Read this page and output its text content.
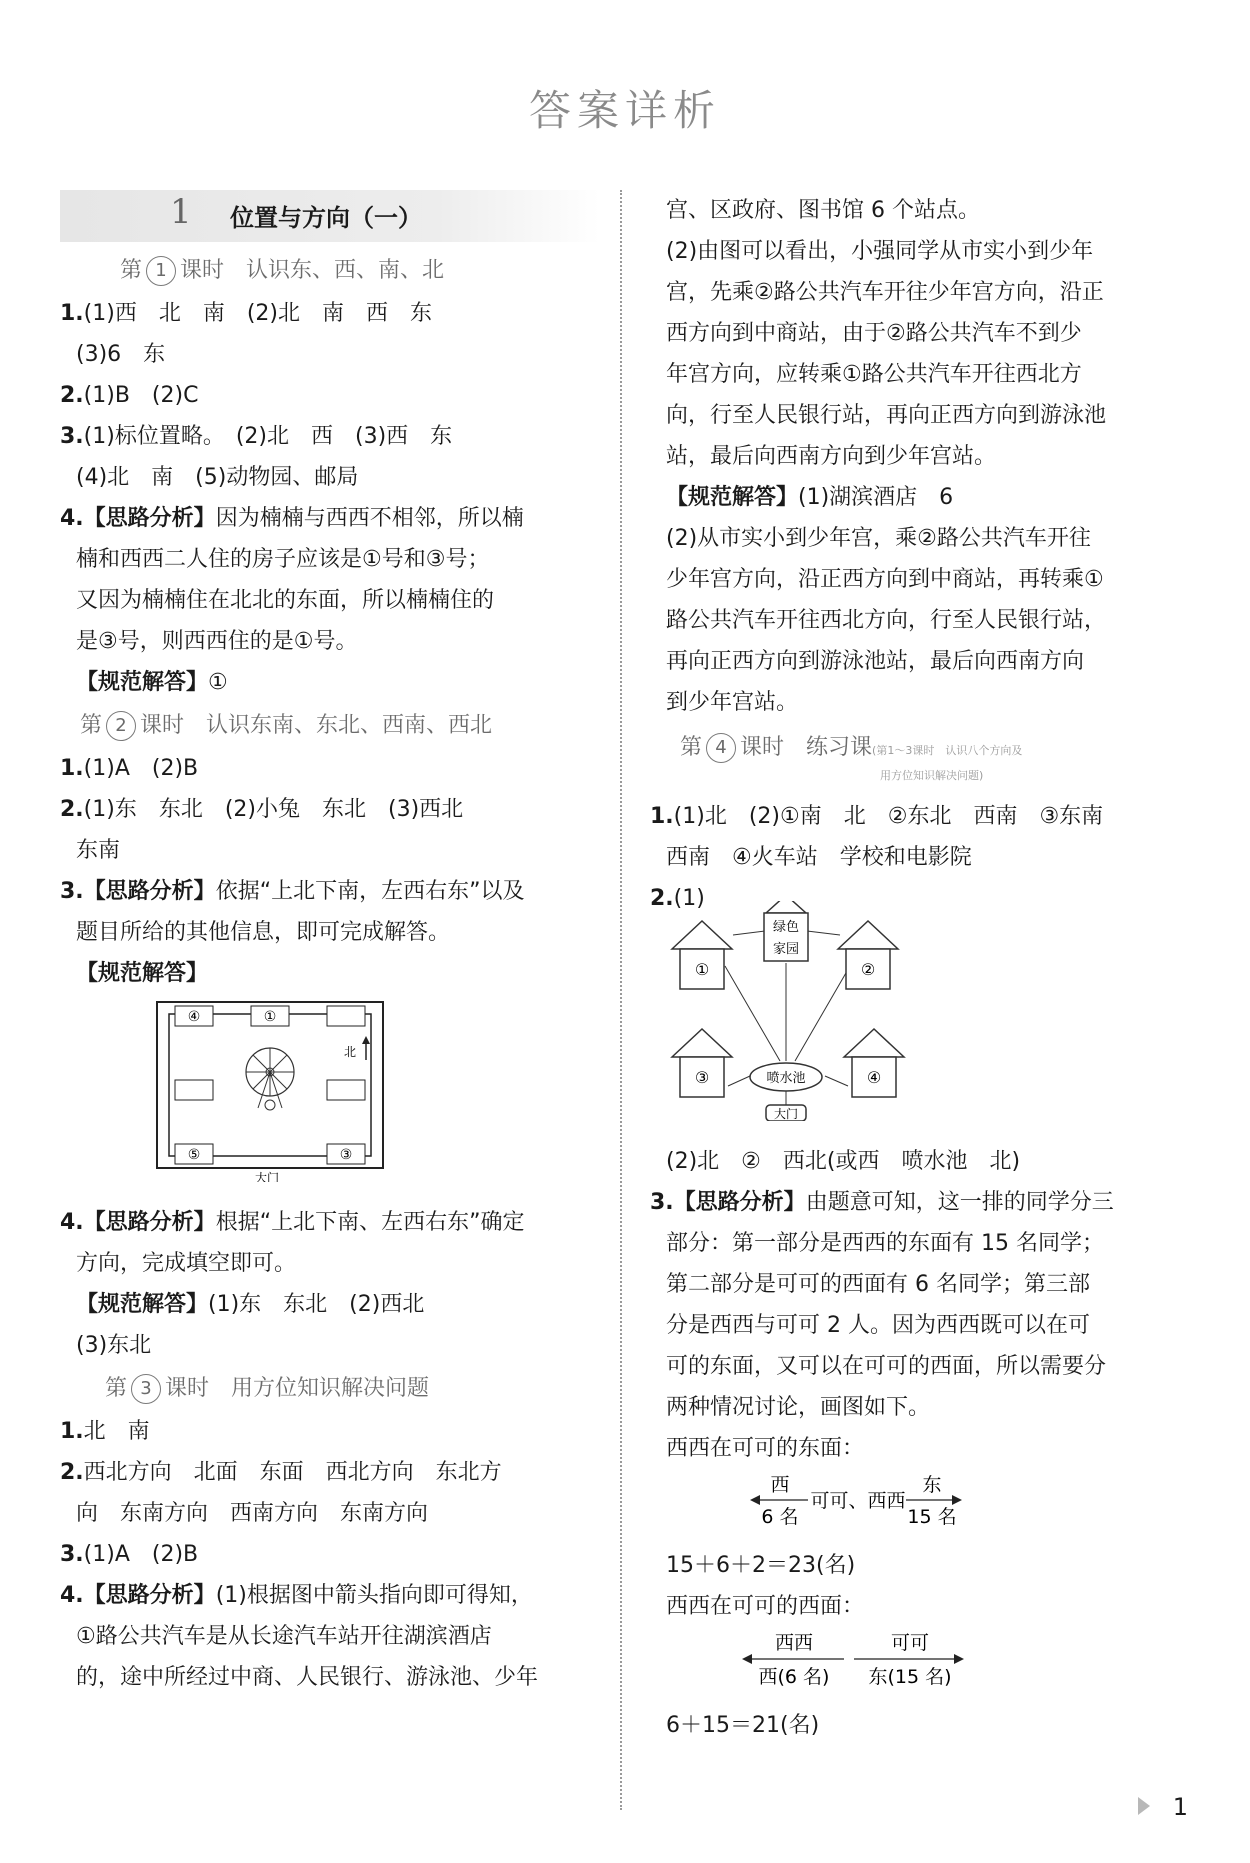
答案详析
1 位置与方向（一）

第 1 课时　认识东、西、南、北

1.(1)西　北　南　(2)北　南　西　东

(3)6　东

2.(1)B　(2)C

3.(1)标位置略。　(2)北　西　(3)西　东

(4)北　南　(5)动物园、邮局

4.【思路分析】因为楠楠与西西不相邻，所以楠

楠和西西二人住的房子应该是①号和③号；

又因为楠楠住在北北的东面，所以楠楠住的

是③号，则西西住的是①号。

【规范解答】①

第 2 课时　认识东南、东北、西南、西北

1.(1)A　(2)B

2.(1)东　东北　(2)小兔　东北　(3)西北

东南

3.【思路分析】依据“上北下南，左西右东”以及

题目所给的其他信息，即可完成解答。

【规范解答】

④	①
⑤	③
北
大门

4.【思路分析】根据“上北下南、左西右东”确定

方向，完成填空即可。

【规范解答】(1)东　东北　(2)西北

(3)东北

第 3 课时　用方位知识解决问题

1.北　南

2.西北方向　北面　东面　西北方向　东北方

向　东南方向　西南方向　东南方向

3.(1)A　(2)B

4.【思路分析】(1)根据图中箭头指向即可得知，

①路公共汽车是从长途汽车站开往湖滨酒店

的，途中所经过中商、人民银行、游泳池、少年

宫、区政府、图书馆 6 个站点。

(2)由图可以看出，小强同学从市实小到少年

宫，先乘②路公共汽车开往少年宫方向，沿正

西方向到中商站，由于②路公共汽车不到少

年宫方向，应转乘①路公共汽车开往西北方

向，行至人民银行站，再向正西方向到游泳池

站，最后向西南方向到少年宫站。

【规范解答】(1)湖滨酒店　6

(2)从市实小到少年宫，乘②路公共汽车开往

少年宫方向，沿正西方向到中商站，再转乘①

路公共汽车开往西北方向，行至人民银行站，

再向正西方向到游泳池站，最后向西南方向

到少年宫站。

第 4 课时　练习课(第1～3课时　认识八个方向及

用方位知识解决问题)

1.(1)北　(2)①南　北　②东北　西南　③东南

西南　④火车站　学校和电影院

2.(1)

绿色
家园
①	②
③	④
喷水池
大门

(2)北　②　西北(或西　喷水池　北)

3.【思路分析】由题意可知，这一排的同学分三

部分：第一部分是西西的东面有 15 名同学；

第二部分是可可的西面有 6 名同学；第三部

分是西西与可可 2 人。因为西西既可以在可

可的东面，又可以在可可的西面，所以需要分

两种情况讨论，画图如下。

西西在可可的东面：

西
6 名
可可、西西
东
15 名

15＋6＋2＝23(名)

西西在可可的西面：

西西
西(6 名)
可可
东(15 名)

6＋15＝21(名)

1
